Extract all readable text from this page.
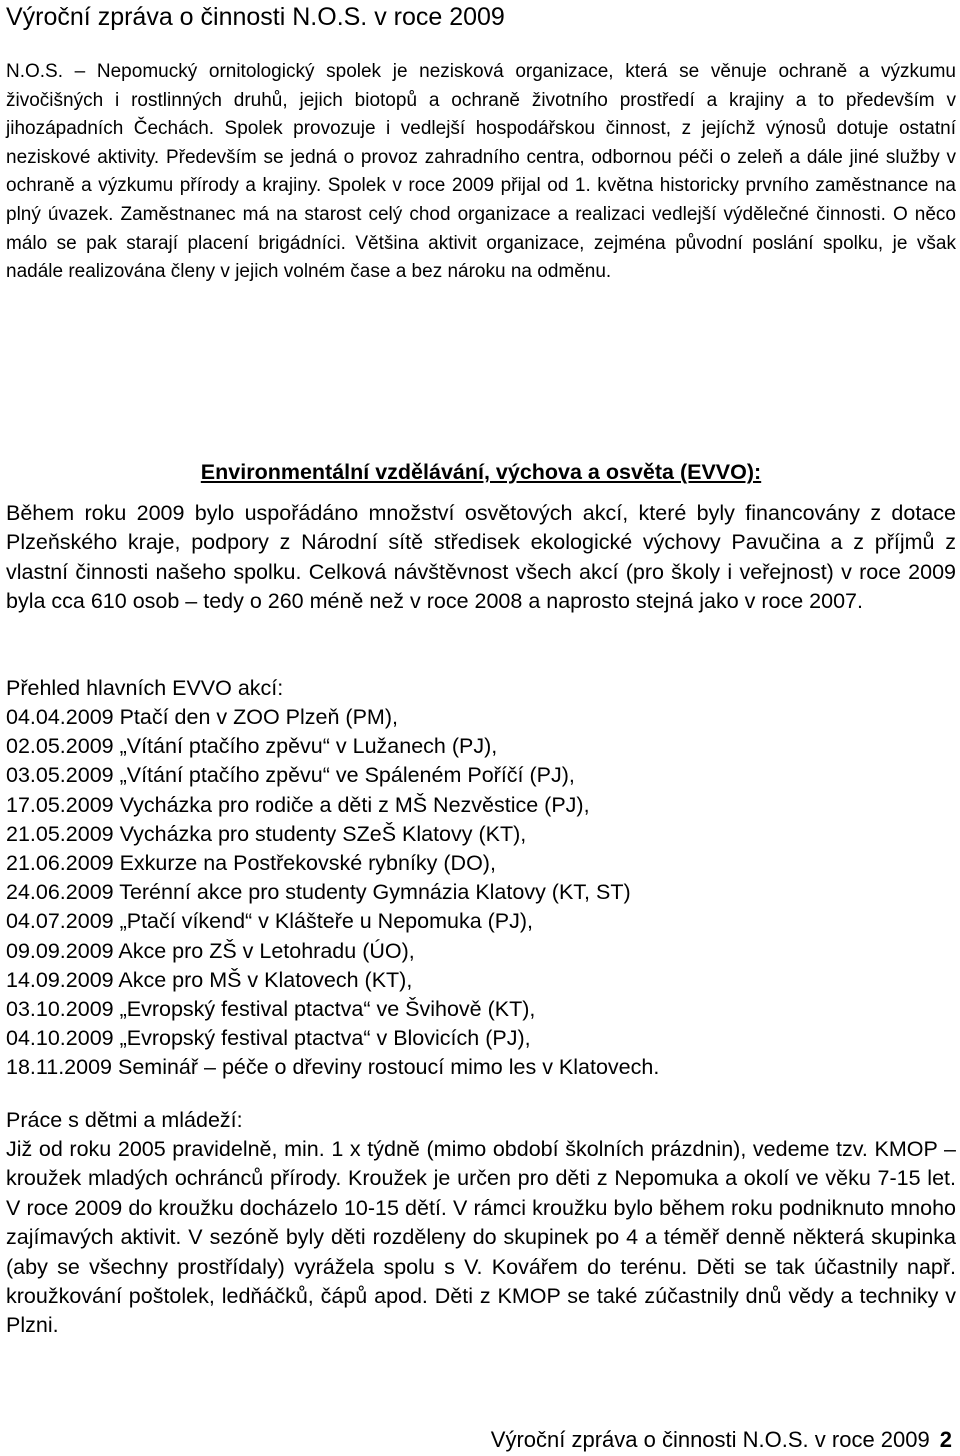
Výroční zpráva o činnosti N.O.S. v roce 2009
N.O.S. – Nepomucký ornitologický spolek je nezisková organizace, která se věnuje ochraně a výzkumu živočišných i rostlinných druhů, jejich biotopů a ochraně životního prostředí a krajiny a to především v jihozápadních Čechách. Spolek provozuje i vedlejší hospodářskou činnost, z jejíchž výnosů dotuje ostatní neziskové aktivity. Především se jedná o provoz zahradního centra, odbornou péči o zeleň a dále jiné služby v ochraně a výzkumu přírody a krajiny. Spolek v roce 2009 přijal od 1. května historicky prvního zaměstnance na plný úvazek. Zaměstnanec má na starost celý chod organizace a realizaci vedlejší výdělečné činnosti. O něco málo se pak starají placení brigádníci. Většina aktivit organizace, zejména původní poslání spolku, je však nadále realizována členy v jejich volném čase a bez nároku na odměnu.
Environmentální vzdělávání, výchova a osvěta (EVVO):
Během roku 2009 bylo uspořádáno množství osvětových akcí, které byly financovány z dotace Plzeňského kraje, podpory z Národní sítě středisek ekologické výchovy Pavučina a z příjmů z vlastní činnosti našeho spolku. Celková návštěvnost všech akcí (pro školy i veřejnost) v roce 2009 byla cca 610 osob – tedy o 260 méně než v roce 2008 a naprosto stejná jako v roce 2007.
Přehled hlavních EVVO akcí:
04.04.2009 Ptačí den v ZOO Plzeň (PM),
02.05.2009 „Vítání ptačího zpěvu“ v Lužanech (PJ),
03.05.2009 „Vítání ptačího zpěvu“ ve Spáleném Poříčí (PJ),
17.05.2009 Vycházka pro rodiče a děti z MŠ Nezvěstice (PJ),
21.05.2009 Vycházka pro studenty SZeŠ Klatovy (KT),
21.06.2009 Exkurze na Postřekovské rybníky (DO),
24.06.2009 Terénní akce pro studenty Gymnázia Klatovy (KT, ST)
04.07.2009 „Ptačí víkend“ v Klášteře u Nepomuka (PJ),
09.09.2009 Akce pro ZŠ v Letohradu (ÚO),
14.09.2009 Akce pro MŠ v Klatovech (KT),
03.10.2009 „Evropský festival ptactva“ ve Švihově (KT),
04.10.2009 „Evropský festival ptactva“ v Blovicích (PJ),
18.11.2009 Seminář – péče o dřeviny rostoucí mimo les v Klatovech.
Práce s dětmi a mládeží:
Již od roku 2005 pravidelně, min. 1 x týdně (mimo období školních prázdnin), vedeme tzv. KMOP – kroužek mladých ochránců přírody. Kroužek je určen pro děti z Nepomuka a okolí ve věku 7-15 let. V roce 2009 do kroužku docházelo 10-15 dětí. V rámci kroužku bylo během roku podniknuto mnoho zajímavých aktivit. V sezóně byly děti rozděleny do skupinek po 4 a téměř denně některá skupinka (aby se všechny prostřídaly) vyrážela spolu s V. Kovářem do terénu. Děti se tak účastnily např. kroužkování poštolek, ledňáčků, čápů apod. Děti z KMOP se také zúčastnily dnů vědy a techniky v Plzni.
Výroční zpráva o činnosti N.O.S. v roce 2009 2
